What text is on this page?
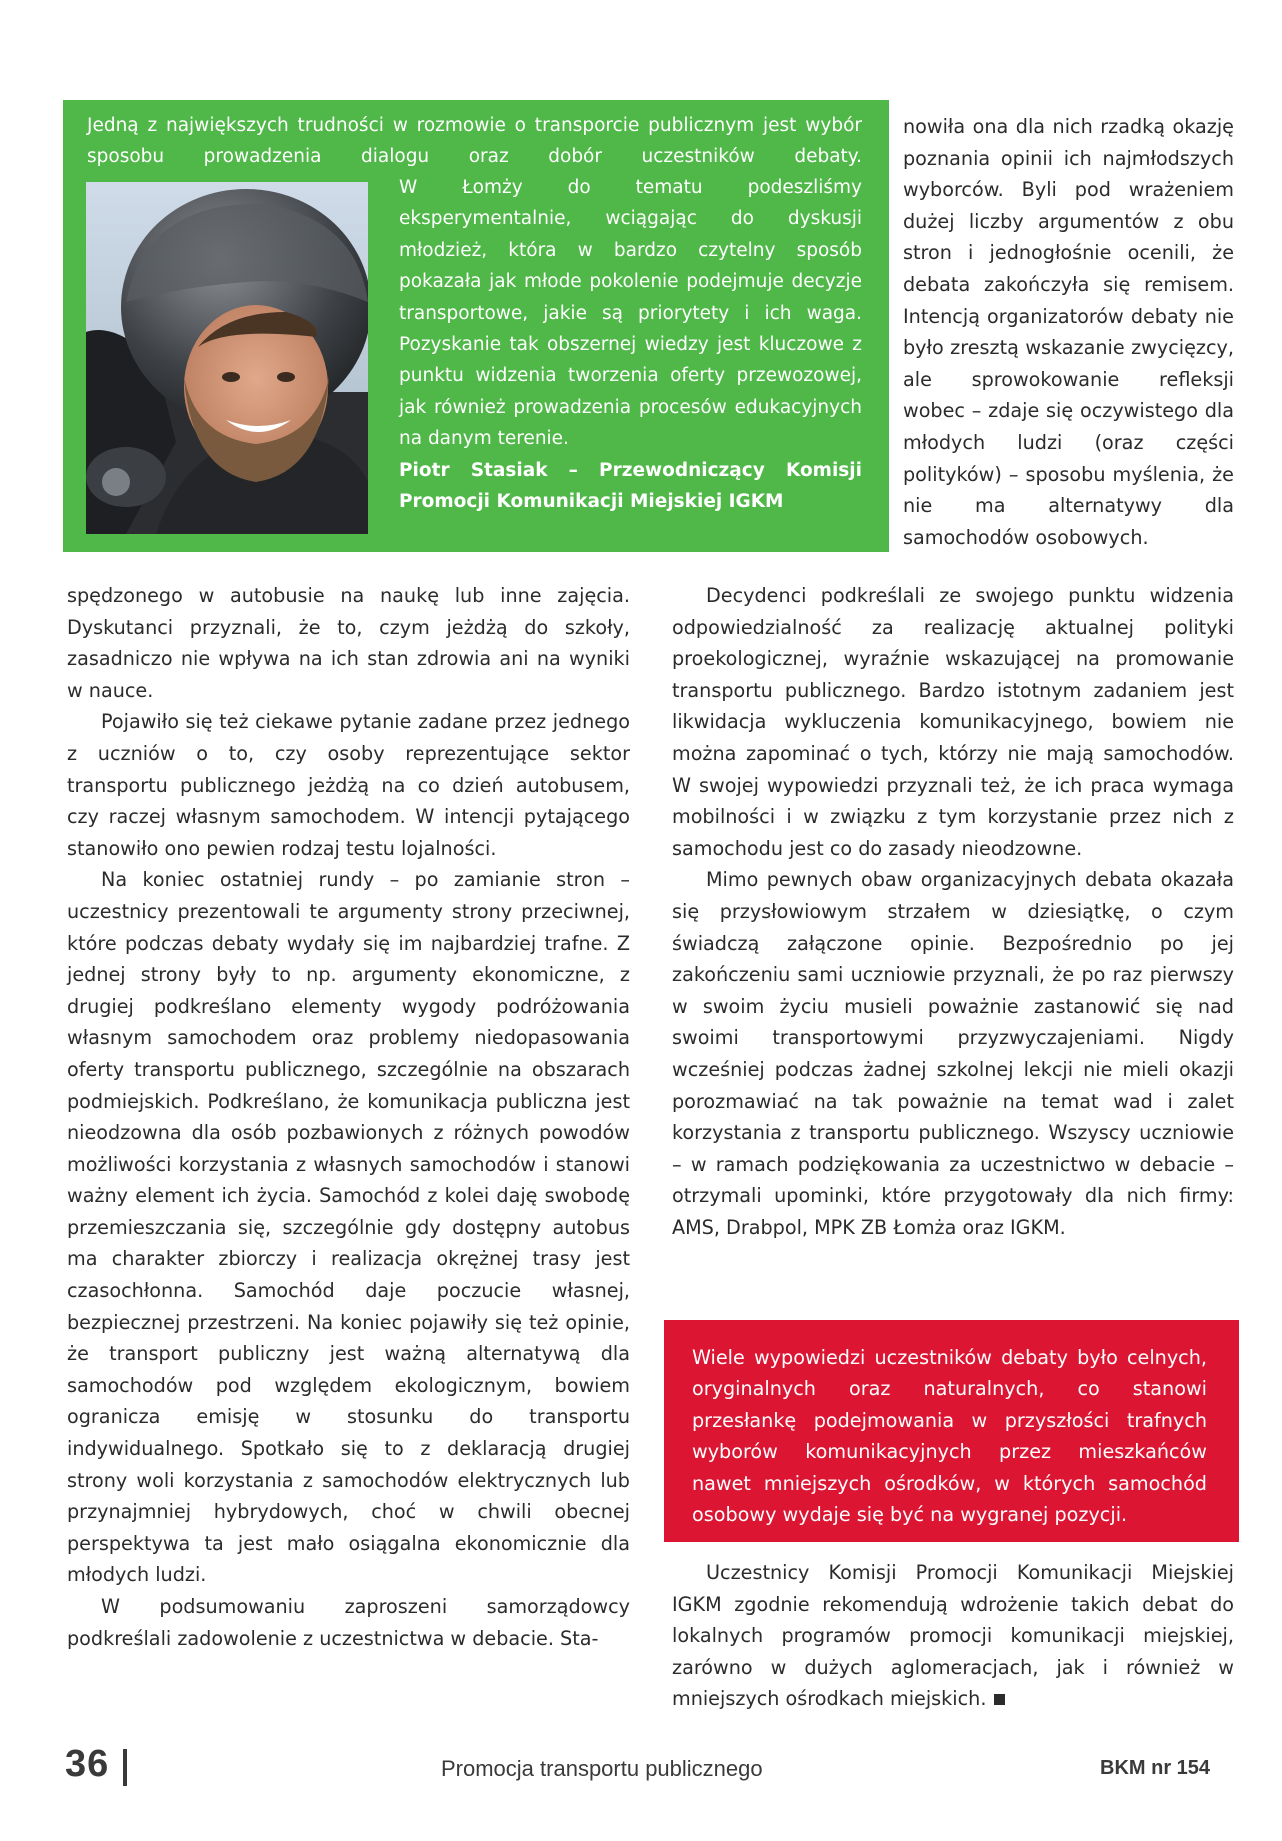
Jedną z największych trudności w rozmowie o transporcie publicznym jest wybór sposobu prowadzenia dialogu oraz dobór uczestników debaty.

W Łomży do tematu podeszliśmy eksperymentalnie, wciągając do dyskusji młodzież, która w bardzo czytelny sposób pokazała jak młode pokolenie podejmuje decyzje transportowe, jakie są priorytety i ich waga. Pozyskanie tak obszernej wiedzy jest kluczowe z punktu widzenia tworzenia oferty przewozowej, jak również prowadzenia procesów edukacyjnych na danym terenie.
Piotr Stasiak – Przewodniczący Komisji Promocji Komunikacji Miejskiej IGKM

nowiła ona dla nich rzadką okazję poznania opinii ich najmłodszych wyborców. Byli pod wrażeniem dużej liczby argumentów z obu stron i jednogłośnie ocenili, że debata zakończyła się remisem. Intencją organizatorów debaty nie było zresztą wskazanie zwycięzcy, ale sprowokowanie refleksji wobec – zdaje się oczywistego dla młodych ludzi (oraz części polityków) – sposobu myślenia, że nie ma alternatywy dla samochodów osobowych.

spędzonego w autobusie na naukę lub inne zajęcia. Dyskutanci przyznali, że to, czym jeżdżą do szkoły, zasadniczo nie wpływa na ich stan zdrowia ani na wyniki w nauce.

Pojawiło się też ciekawe pytanie zadane przez jednego z uczniów o to, czy osoby reprezentujące sektor transportu publicznego jeżdżą na co dzień autobusem, czy raczej własnym samochodem. W intencji pytającego stanowiło ono pewien rodzaj testu lojalności.

Na koniec ostatniej rundy – po zamianie stron – uczestnicy prezentowali te argumenty strony przeciwnej, które podczas debaty wydały się im najbardziej trafne. Z jednej strony były to np. argumenty ekonomiczne, z drugiej podkreślano elementy wygody podróżowania własnym samochodem oraz problemy niedopasowania oferty transportu publicznego, szczególnie na obszarach podmiejskich. Podkreślano, że komunikacja publiczna jest nieodzowna dla osób pozbawionych z różnych powodów możliwości korzystania z własnych samochodów i stanowi ważny element ich życia. Samochód z kolei daję swobodę przemieszczania się, szczególnie gdy dostępny autobus ma charakter zbiorczy i realizacja okrężnej trasy jest czasochłonna. Samochód daje poczucie własnej, bezpiecznej przestrzeni. Na koniec pojawiły się też opinie, że transport publiczny jest ważną alternatywą dla samochodów pod względem ekologicznym, bowiem ogranicza emisję w stosunku do transportu indywidualnego. Spotkało się to z deklaracją drugiej strony woli korzystania z samochodów elektrycznych lub przynajmniej hybrydowych, choć w chwili obecnej perspektywa ta jest mało osiągalna ekonomicznie dla młodych ludzi.

W podsumowaniu zaproszeni samorządowcy podkreślali zadowolenie z uczestnictwa w debacie. Sta-

Decydenci podkreślali ze swojego punktu widzenia odpowiedzialność za realizację aktualnej polityki proekologicznej, wyraźnie wskazującej na promowanie transportu publicznego. Bardzo istotnym zadaniem jest likwidacja wykluczenia komunikacyjnego, bowiem nie można zapominać o tych, którzy nie mają samochodów. W swojej wypowiedzi przyznali też, że ich praca wymaga mobilności i w związku z tym korzystanie przez nich z samochodu jest co do zasady nieodzowne.

Mimo pewnych obaw organizacyjnych debata okazała się przysłowiowym strzałem w dziesiątkę, o czym świadczą załączone opinie. Bezpośrednio po jej zakończeniu sami uczniowie przyznali, że po raz pierwszy w swoim życiu musieli poważnie zastanowić się nad swoimi transportowymi przyzwyczajeniami. Nigdy wcześniej podczas żadnej szkolnej lekcji nie mieli okazji porozmawiać na tak poważnie na temat wad i zalet korzystania z transportu publicznego. Wszyscy uczniowie – w ramach podziękowania za uczestnictwo w debacie – otrzymali upominki, które przygotowały dla nich firmy: AMS, Drabpol, MPK ZB Łomża oraz IGKM.

Wiele wypowiedzi uczestników debaty było celnych, oryginalnych oraz naturalnych, co stanowi przesłankę podejmowania w przyszłości trafnych wyborów komunikacyjnych przez mieszkańców nawet mniejszych ośrodków, w których samochód osobowy wydaje się być na wygranej pozycji.

Uczestnicy Komisji Promocji Komunikacji Miejskiej IGKM zgodnie rekomendują wdrożenie takich debat do lokalnych programów promocji komunikacji miejskiej, zarówno w dużych aglomeracjach, jak i również w mniejszych ośrodkach miejskich.

36	Promocja transportu publicznego	BKM nr 154
